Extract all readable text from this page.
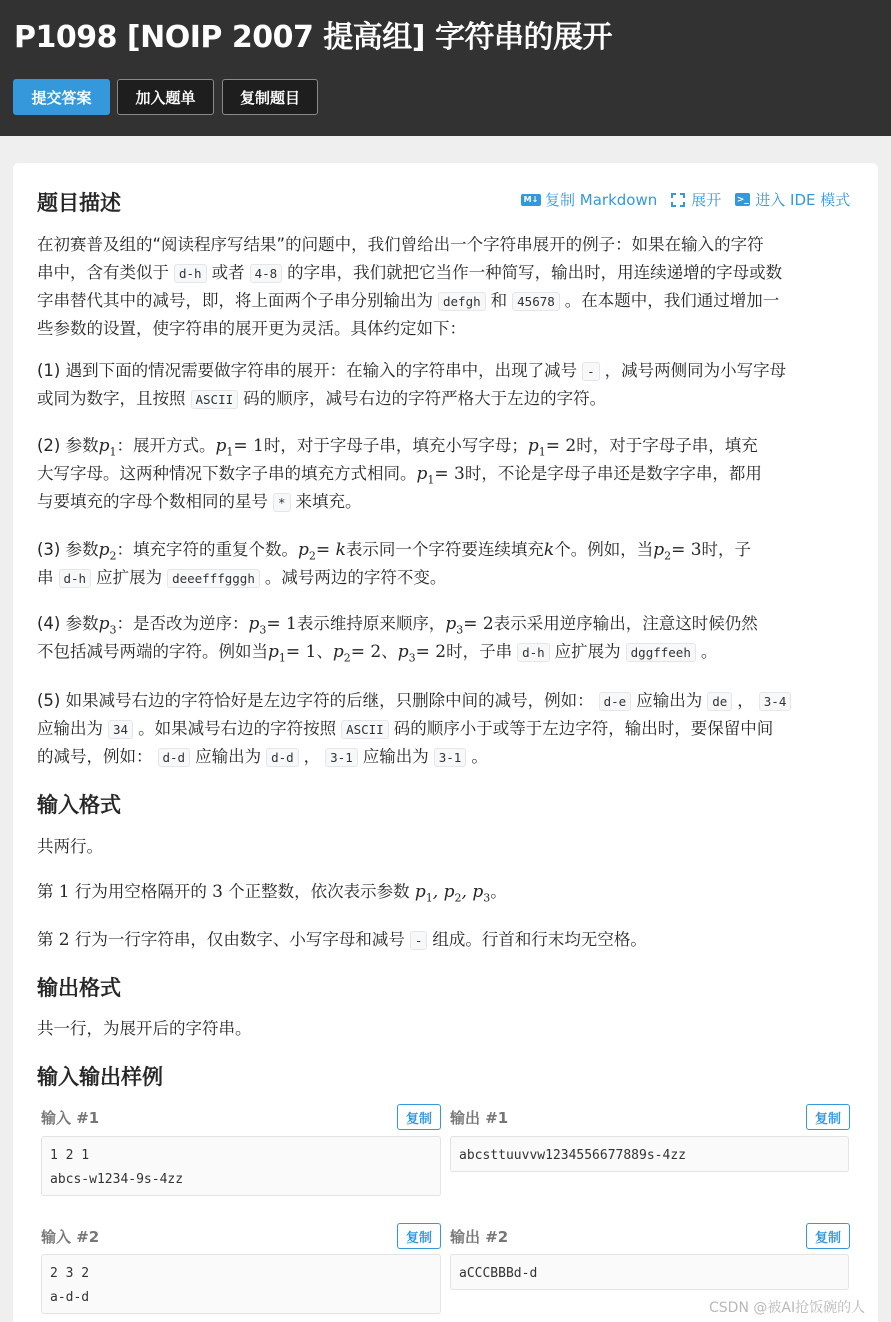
P1098 [NOIP 2007 提高组] 字符串的展开
提交答案	加入题单	复制题目
题目描述	M↓ 复制 Markdown 展开 >_ 进入 IDE 模式
在初赛普及组的“阅读程序写结果”的问题中，我们曾给出一个字符串展开的例子：如果在输入的字符
串中，含有类似于 d-h 或者 4-8 的字串，我们就把它当作一种简写，输出时，用连续递增的字母或数
字串替代其中的减号，即，将上面两个子串分别输出为 defgh 和 45678 。在本题中，我们通过增加一
些参数的设置，使字符串的展开更为灵活。具体约定如下：
(1) 遇到下面的情况需要做字符串的展开：在输入的字符串中，出现了减号 - ，减号两侧同为小写字母
或同为数字，且按照 ASCII 码的顺序，减号右边的字符严格大于左边的字符。
(2) 参数$p_1$：展开方式。$p_1= 1$时，对于字母子串，填充小写字母；$p_1= 2$时，对于字母子串，填充
大写字母。这两种情况下数字子串的填充方式相同。$p_1= 3$时，不论是字母子串还是数字字串，都用
与要填充的字母个数相同的星号 * 来填充。
(3) 参数$p_2$：填充字符的重复个数。$p_2= k$表示同一个字符要连续填充k个。例如，当$p_2= 3$时，子
串 d-h 应扩展为 deeefffgggh 。减号两边的字符不变。
(4) 参数$p_3$：是否改为逆序：$p_3= 1$表示维持原来顺序，$p_3= 2$表示采用逆序输出，注意这时候仍然
不包括减号两端的字符。例如当$p_1= 1$、$p_2= 2$、$p_3= 2$时，子串 d-h 应扩展为 dggffeeh 。
(5) 如果减号右边的字符恰好是左边字符的后继，只删除中间的减号，例如： d-e 应输出为 de ， 3-4
应输出为 34 。如果减号右边的字符按照 ASCII 码的顺序小于或等于左边字符，输出时，要保留中间
的减号，例如： d-d 应输出为 d-d ， 3-1 应输出为 3-1 。
输入格式
共两行。
第 1 行为用空格隔开的 3 个正整数，依次表示参数 $p_1$, $p_2$, $p_3$。
第 2 行为一行字符串，仅由数字、小写字母和减号 - 组成。行首和行末均无空格。
输出格式
共一行，为展开后的字符串。
输入输出样例
输入 #1	复制
1 2 1
abcs-w1234-9s-4zz
输出 #1	复制
abcsttuuvvw1234556677889s-4zz
输入 #2	复制
2 3 2
a-d-d
输出 #2	复制
aCCCBBBd-d
CSDN @被AI抢饭碗的人
